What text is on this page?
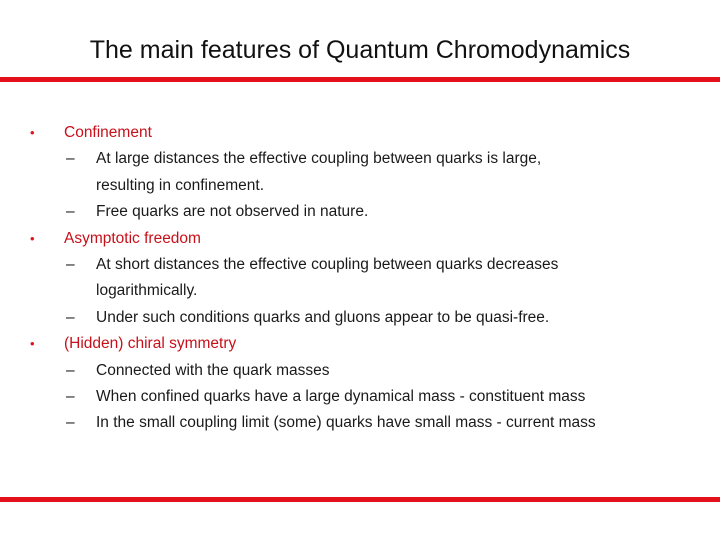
The main features of Quantum Chromodynamics
•	Confinement
– At large distances the effective coupling between quarks is large,
resulting in confinement.
– Free quarks are not observed in nature.
•	Asymptotic freedom
– At short distances the effective coupling between quarks decreases
logarithmically.
– Under such conditions quarks and gluons appear to be quasi-free.
•	(Hidden) chiral symmetry
– Connected with the quark masses
– When confined quarks have a large dynamical mass - constituent mass
– In the small coupling limit (some) quarks have small mass - current mass
